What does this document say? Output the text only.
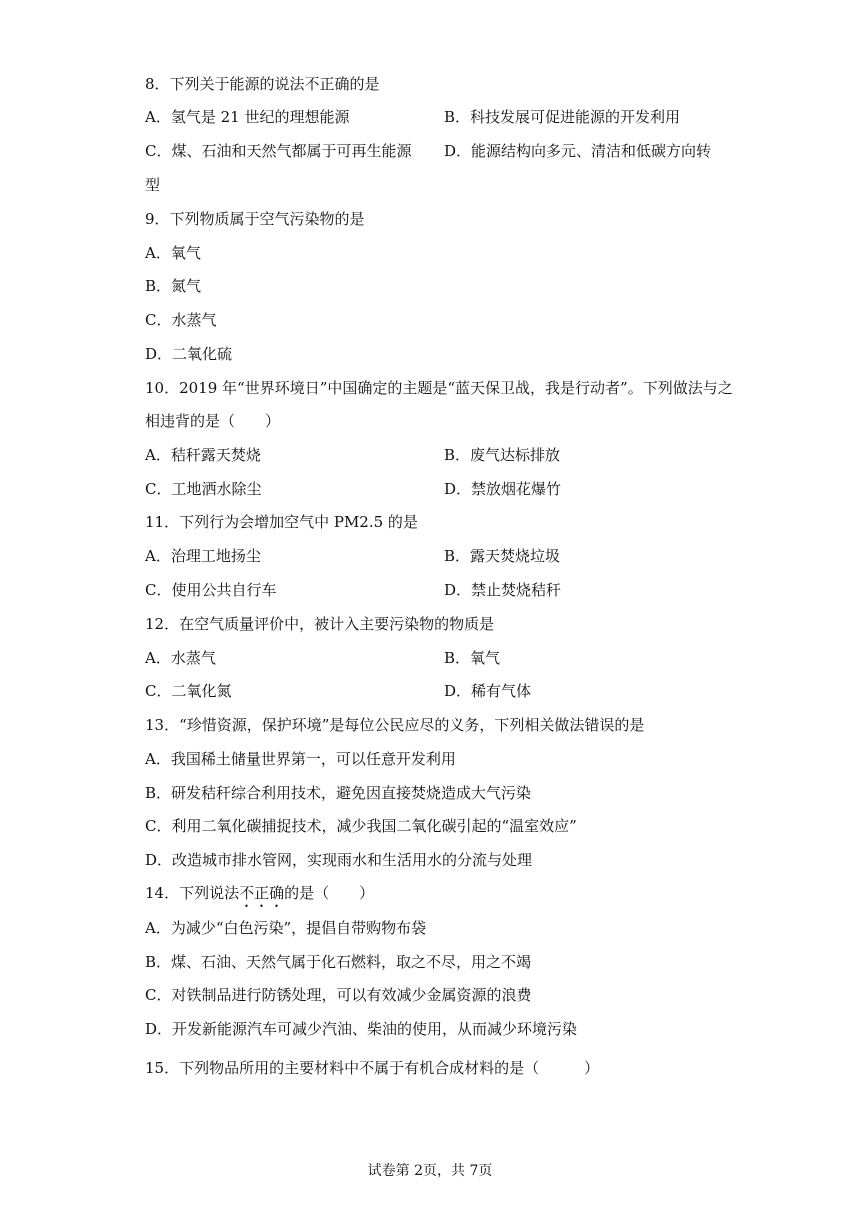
8．下列关于能源的说法不正确的是
A．氢气是 21 世纪的理想能源	B．科技发展可促进能源的开发利用
C．煤、石油和天然气都属于可再生能源 D．能源结构向多元、清洁和低碳方向转
型
9．下列物质属于空气污染物的是
A．氧气
B．氮气
C．水蒸气
D．二氧化硫
10．2019 年“世界环境日”中国确定的主题是“蓝天保卫战，我是行动者”。下列做法与之
相违背的是（　　）
A．秸秆露天焚烧	B．废气达标排放
C．工地洒水除尘	D．禁放烟花爆竹
11．下列行为会增加空气中 PM2.5 的是
A．治理工地扬尘	B．露天焚烧垃圾
C．使用公共自行车	D．禁止焚烧秸秆
12．在空气质量评价中，被计入主要污染物的物质是
A．水蒸气	B．氧气
C．二氧化氮	D．稀有气体
13．“珍惜资源，保护环境”是每位公民应尽的义务，下列相关做法错误的是
A．我国稀土储量世界第一，可以任意开发利用
B．研发秸秆综合利用技术，避免因直接焚烧造成大气污染
C．利用二氧化碳捕捉技术，减少我国二氧化碳引起的“温室效应”
D．改造城市排水管网，实现雨水和生活用水的分流与处理
14．下列说法不正确的是（　　）
A．为减少“白色污染”，提倡自带购物布袋
B．煤、石油、天然气属于化石燃料，取之不尽，用之不竭
C．对铁制品进行防锈处理，可以有效减少金属资源的浪费
D．开发新能源汽车可减少汽油、柴油的使用，从而减少环境污染
15．下列物品所用的主要材料中不属于有机合成材料的是（　　　）
试卷第 2页，共 7页
